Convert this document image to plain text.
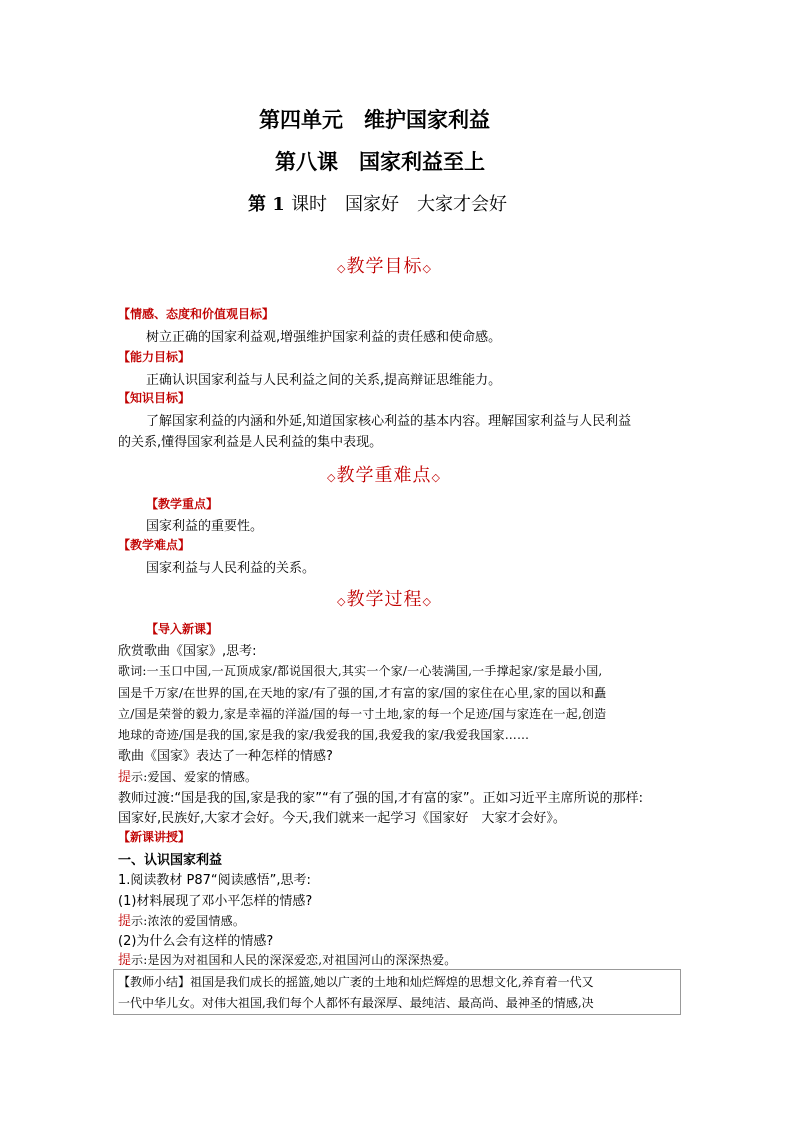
第四单元　维护国家利益
第八课　国家利益至上
第 1 课时　国家好　大家才会好
◇教学目标◇
【情感、态度和价值观目标】
树立正确的国家利益观,增强维护国家利益的责任感和使命感。
【能力目标】
正确认识国家利益与人民利益之间的关系,提高辩证思维能力。
【知识目标】
了解国家利益的内涵和外延,知道国家核心利益的基本内容。理解国家利益与人民利益
的关系,懂得国家利益是人民利益的集中表现。
◇教学重难点◇
【教学重点】
国家利益的重要性。
【教学难点】
国家利益与人民利益的关系。
◇教学过程◇
【导入新课】
欣赏歌曲《国家》,思考:
歌词:一玉口中国,一瓦顶成家/都说国很大,其实一个家/一心装满国,一手撑起家/家是最小国,
国是千万家/在世界的国,在天地的家/有了强的国,才有富的家/国的家住在心里,家的国以和矗
立/国是荣誉的毅力,家是幸福的洋溢/国的每一寸土地,家的每一个足迹/国与家连在一起,创造
地球的奇迹/国是我的国,家是我的家/我爱我的国,我爱我的家/我爱我国家……
歌曲《国家》表达了一种怎样的情感?
提示:爱国、爱家的情感。
教师过渡:“国是我的国,家是我的家”“有了强的国,才有富的家”。正如习近平主席所说的那样:
国家好,民族好,大家才会好。今天,我们就来一起学习《国家好　大家才会好》。
【新课讲授】
一、认识国家利益
1.阅读教材 P87“阅读感悟”,思考:
(1)材料展现了邓小平怎样的情感?
提示:浓浓的爱国情感。
(2)为什么会有这样的情感?
提示:是因为对祖国和人民的深深爱恋,对祖国河山的深深热爱。
【教师小结】祖国是我们成长的摇篮,她以广袤的土地和灿烂辉煌的思想文化,养育着一代又
一代中华儿女。对伟大祖国,我们每个人都怀有最深厚、最纯洁、最高尚、最神圣的情感,决
